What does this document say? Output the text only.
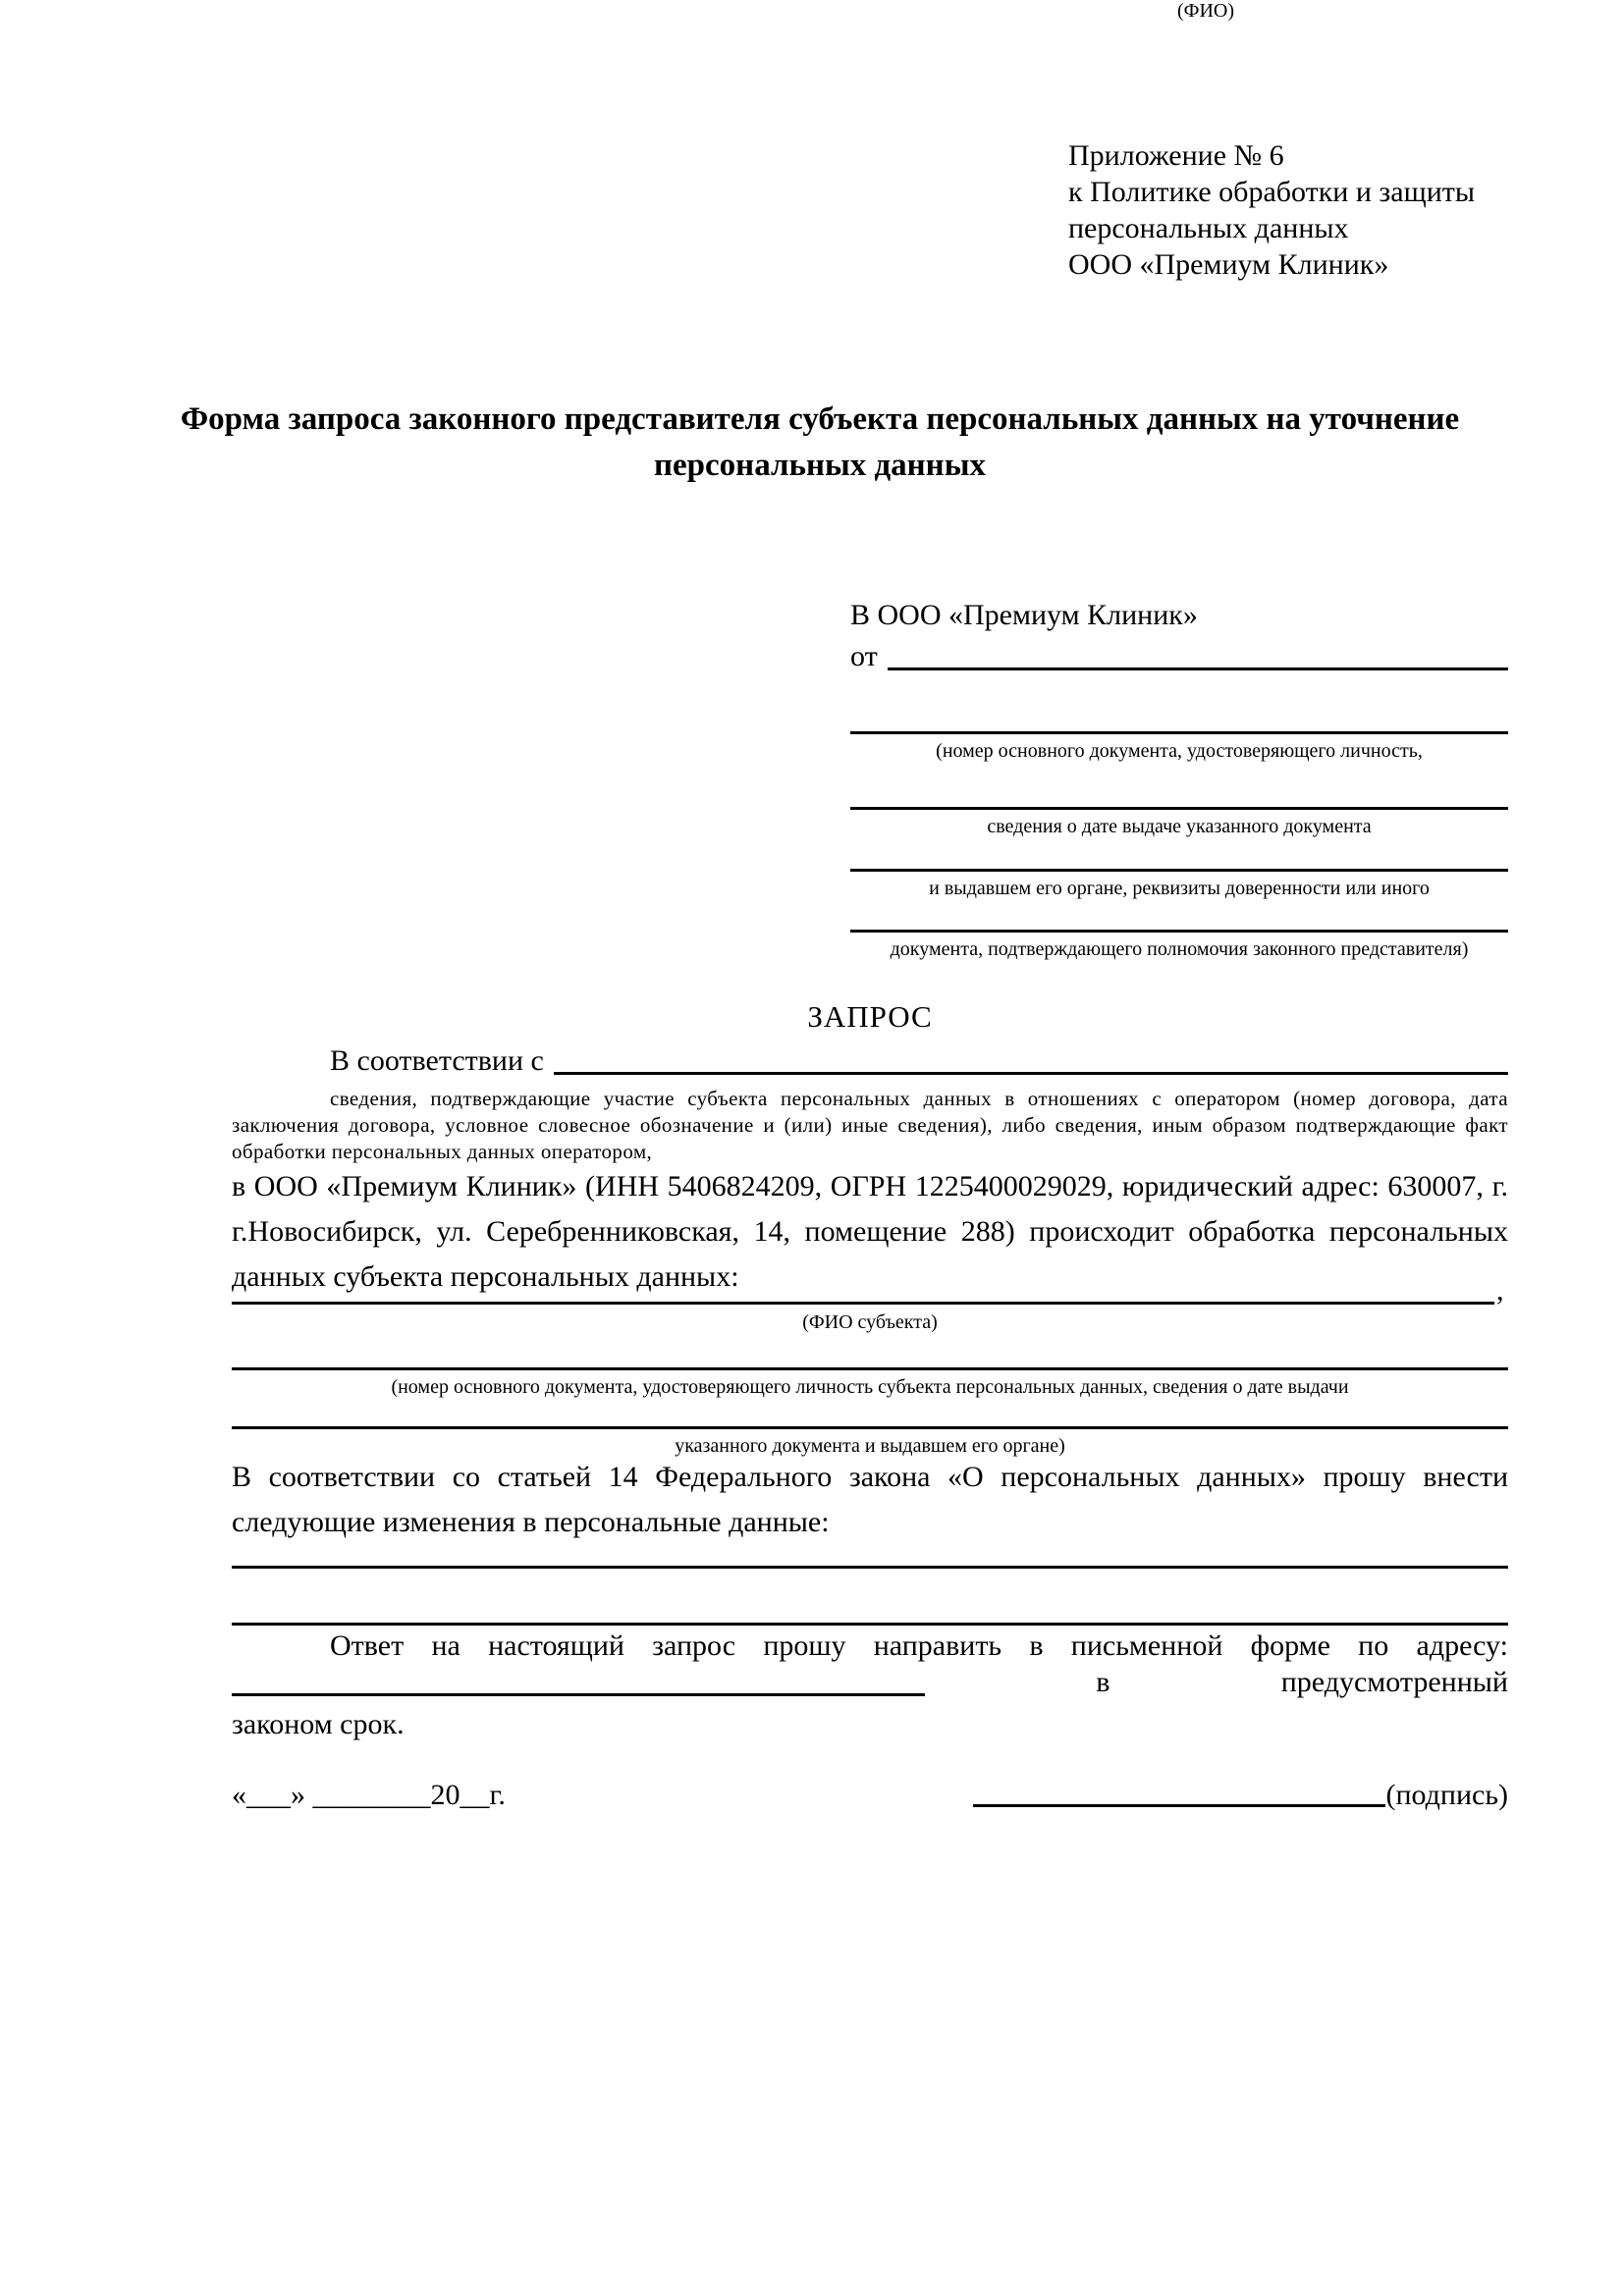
Приложение № 6
к Политике обработки и защиты
персональных данных
ООО «Премиум Клиник»
Форма запроса законного представителя субъекта персональных данных на уточнение персональных данных
В ООО «Премиум Клиник»
от
(ФИО)
(номер основного документа, удостоверяющего личность,
сведения о дате выдаче указанного документа
и выдавшем его органе, реквизиты доверенности или иного
документа, подтверждающего полномочия законного представителя)
ЗАПРОС
В соответствии с
сведения, подтверждающие участие субъекта персональных данных в отношениях с оператором (номер договора, дата заключения договора, условное словесное обозначение и (или) иные сведения), либо сведения, иным образом подтверждающие факт обработки персональных данных оператором,
в ООО «Премиум Клиник» (ИНН 5406824209, ОГРН 1225400029029, юридический адрес: 630007, г. г.Новосибирск, ул. Серебренниковская, 14, помещение 288) происходит обработка персональных данных субъекта персональных данных:	,
(ФИО субъекта)
(номер основного документа, удостоверяющего личность субъекта персональных данных, сведения о дате выдачи
указанного документа и выдавшем его органе)
В соответствии со статьей 14 Федерального закона «О персональных данных» прошу внести следующие изменения в персональные данные:
Ответ на настоящий запрос прошу направить в письменной форме по адресу:
в	предусмотренный
законом срок.
«___» ________20__г.	(подпись)
